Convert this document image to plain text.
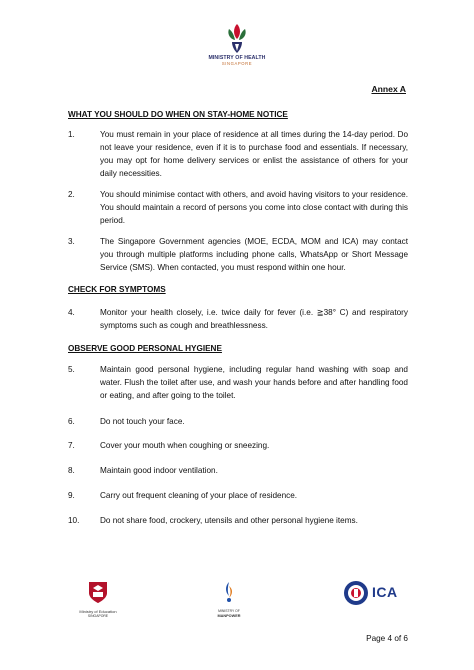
MINISTRY OF HEALTH
SINGAPORE
Annex A
WHAT YOU SHOULD DO WHEN ON STAY-HOME NOTICE
1.	You must remain in your place of residence at all times during the 14-day period. Do not leave your residence, even if it is to purchase food and essentials. If necessary, you may opt for home delivery services or enlist the assistance of others for your daily necessities.
2.	You should minimise contact with others, and avoid having visitors to your residence. You should maintain a record of persons you come into close contact with during this period.
3.	The Singapore Government agencies (MOE, ECDA, MOM and ICA) may contact you through multiple platforms including phone calls, WhatsApp or Short Message Service (SMS). When contacted, you must respond within one hour.
CHECK FOR SYMPTOMS
4.	Monitor your health closely, i.e. twice daily for fever (i.e. ≧38° C) and respiratory symptoms such as cough and breathlessness.
OBSERVE GOOD PERSONAL HYGIENE
5.	Maintain good personal hygiene, including regular hand washing with soap and water. Flush the toilet after use, and wash your hands before and after handling food or eating, and after going to the toilet.
6.	Do not touch your face.
7.	Cover your mouth when coughing or sneezing.
8.	Maintain good indoor ventilation.
9.	Carry out frequent cleaning of your place of residence.
10.	Do not share food, crockery, utensils and other personal hygiene items.
Ministry of Education
SINGAPORE
MINISTRY OF
MANPOWER
ICA
Page 4 of 6
